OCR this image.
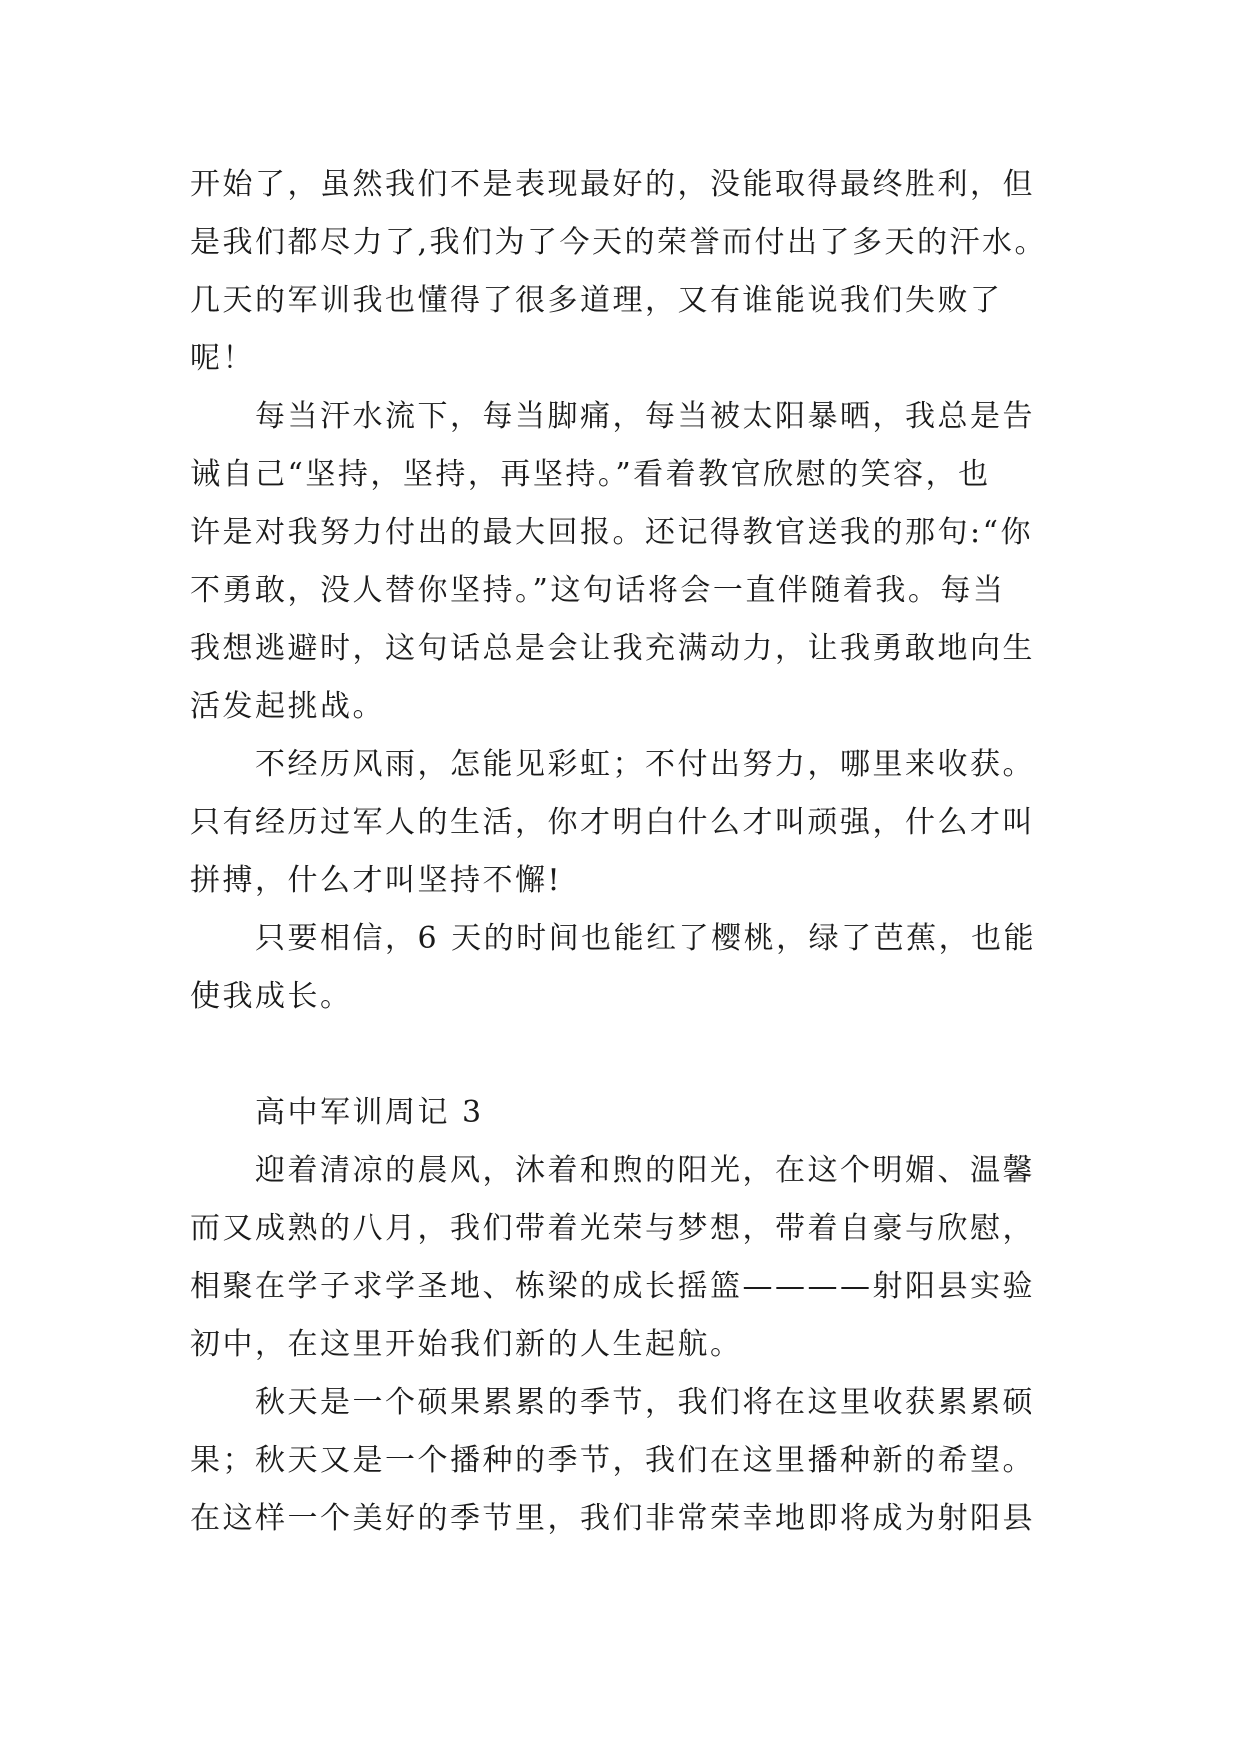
开始了，虽然我们不是表现最好的，没能取得最终胜利，但
是我们都尽力了,我们为了今天的荣誉而付出了多天的汗水。
几天的军训我也懂得了很多道理，又有谁能说我们失败了
呢！
每当汗水流下，每当脚痛，每当被太阳暴晒，我总是告
诫自己“坚持，坚持，再坚持。”看着教官欣慰的笑容，也
许是对我努力付出的最大回报。还记得教官送我的那句:“你
不勇敢，没人替你坚持。”这句话将会一直伴随着我。每当
我想逃避时，这句话总是会让我充满动力，让我勇敢地向生
活发起挑战。
不经历风雨，怎能见彩虹；不付出努力，哪里来收获。
只有经历过军人的生活，你才明白什么才叫顽强，什么才叫
拼搏，什么才叫坚持不懈!
只要相信，6 天的时间也能红了樱桃，绿了芭蕉，也能
使我成长。
高中军训周记 3
迎着清凉的晨风，沐着和煦的阳光，在这个明媚、温馨
而又成熟的八月，我们带着光荣与梦想，带着自豪与欣慰，
相聚在学子求学圣地、栋梁的成长摇篮————射阳县实验
初中，在这里开始我们新的人生起航。
秋天是一个硕果累累的季节，我们将在这里收获累累硕
果；秋天又是一个播种的季节，我们在这里播种新的希望。
在这样一个美好的季节里，我们非常荣幸地即将成为射阳县
